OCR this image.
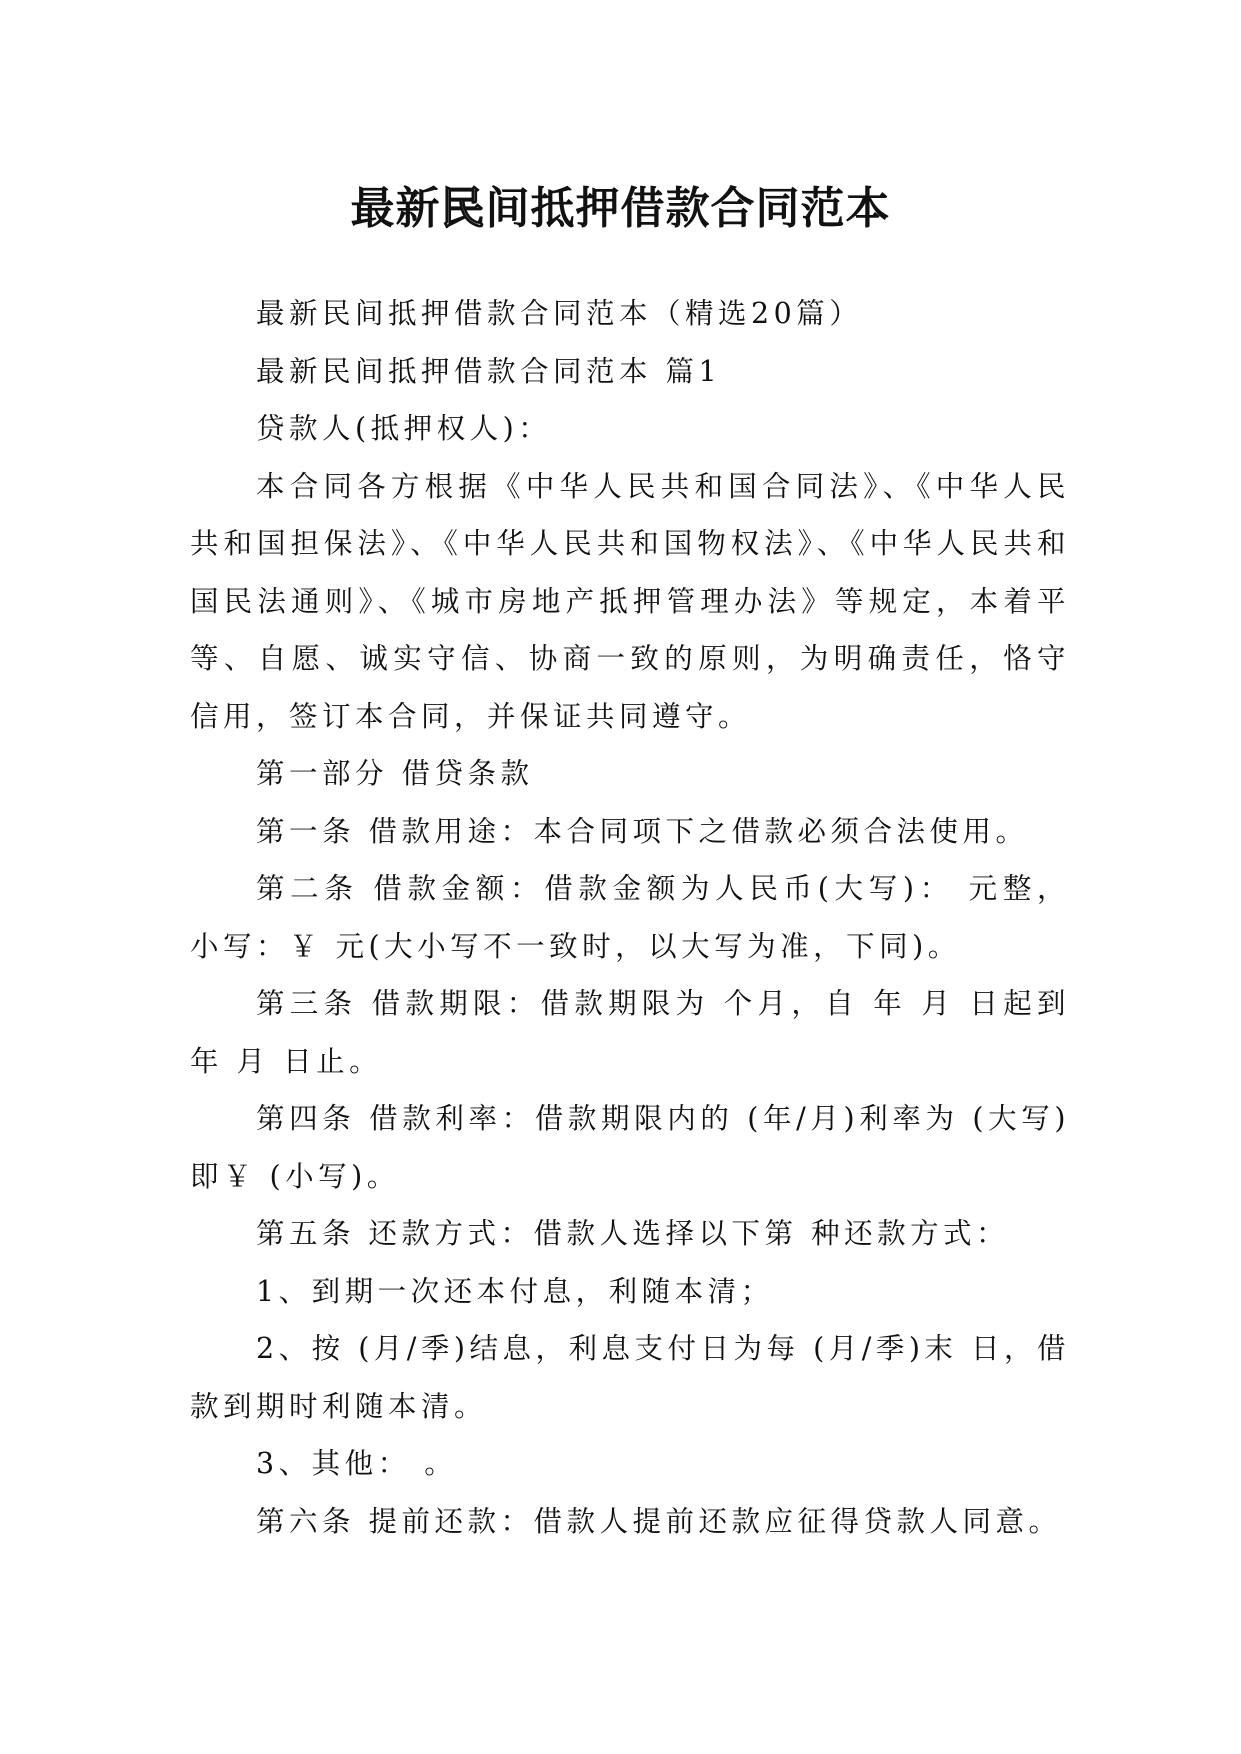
最新民间抵押借款合同范本

最新民间抵押借款合同范本（精选20篇）

最新民间抵押借款合同范本 篇1

贷款人(抵押权人)：

本合同各方根据《中华人民共和国合同法》、《中华人民共和国担保法》、《中华人民共和国物权法》、《中华人民共和国民法通则》、《城市房地产抵押管理办法》等规定，本着平等、自愿、诚实守信、协商一致的原则，为明确责任，恪守信用，签订本合同，并保证共同遵守。

第一部分 借贷条款

第一条 借款用途：本合同项下之借款必须合法使用。

第二条 借款金额：借款金额为人民币(大写)： 元整，小写：￥ 元(大小写不一致时，以大写为准，下同)。

第三条 借款期限：借款期限为 个月，自 年 月 日起到 年 月 日止。

第四条 借款利率：借款期限内的 (年/月)利率为 (大写)即￥ (小写)。

第五条 还款方式：借款人选择以下第 种还款方式：

1、到期一次还本付息，利随本清；

2、按 (月/季)结息，利息支付日为每 (月/季)末 日，借款到期时利随本清。

3、其他： 。

第六条 提前还款：借款人提前还款应征得贷款人同意。
